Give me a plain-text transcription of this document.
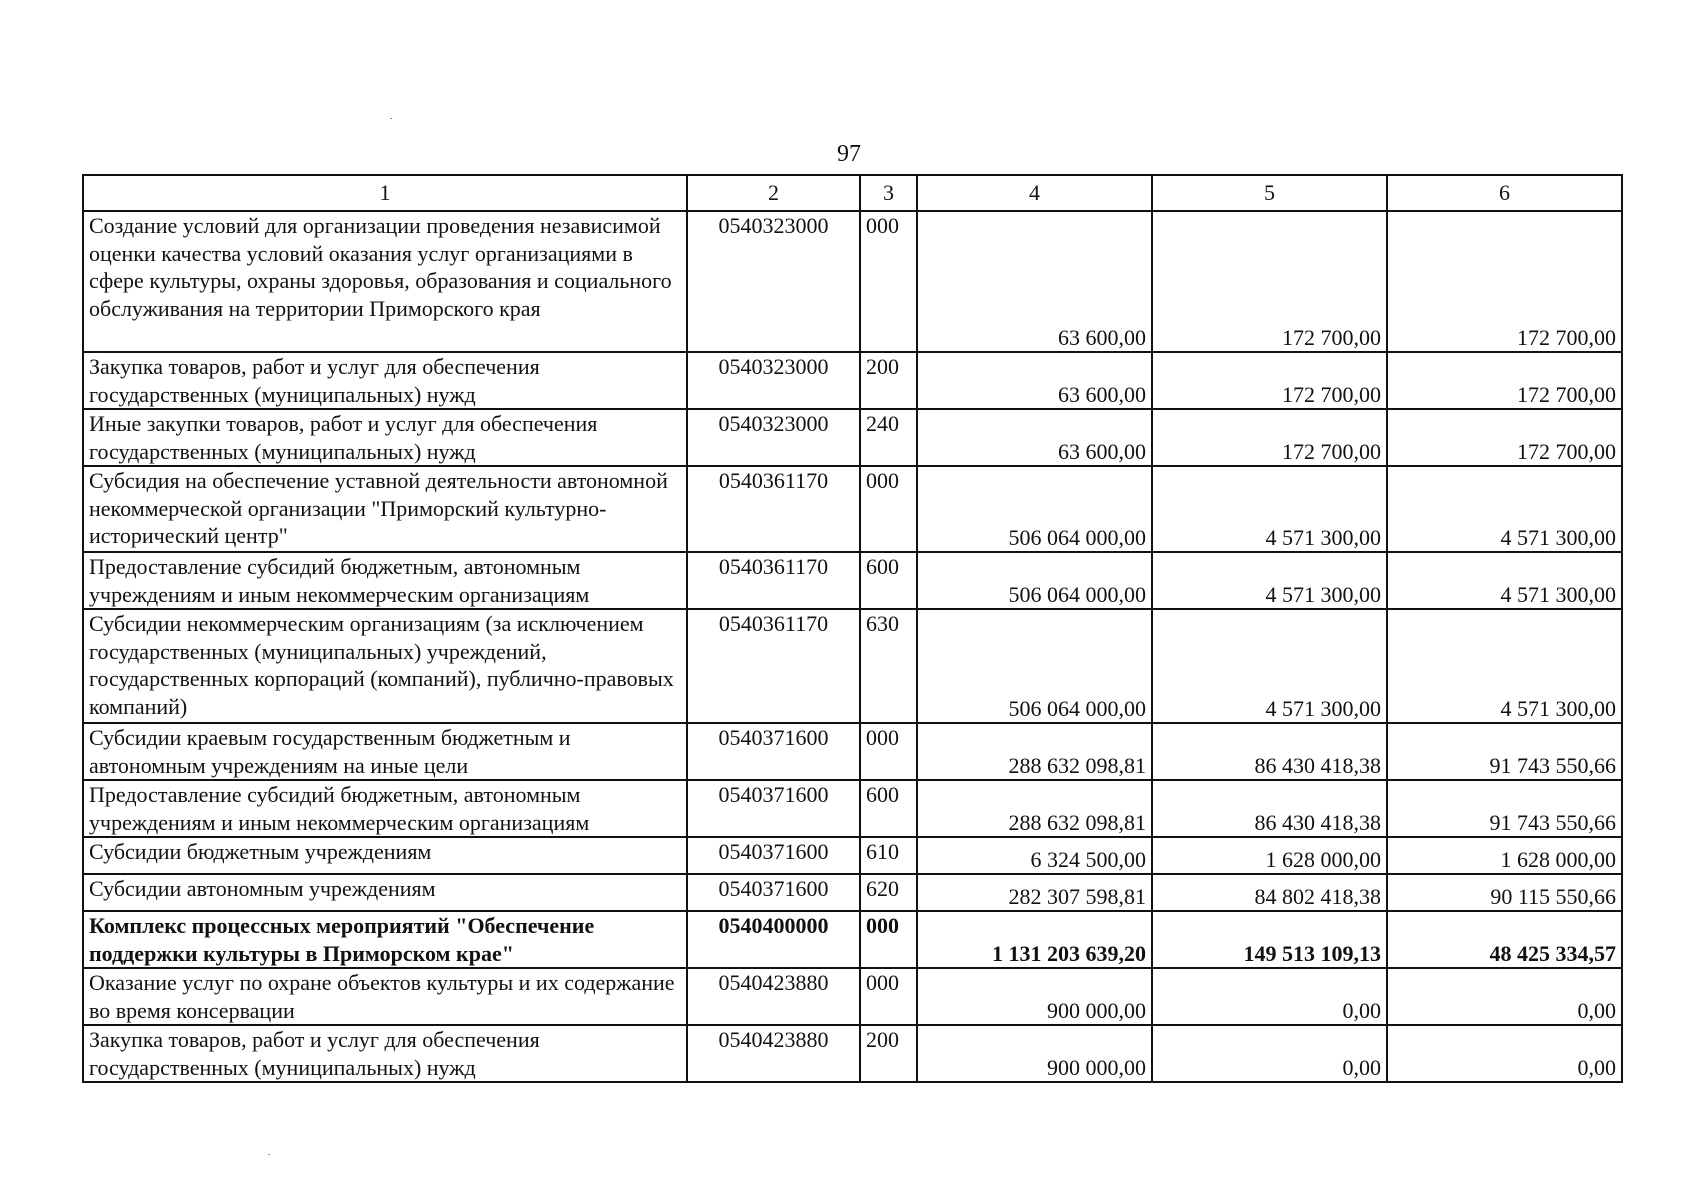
97
1	2	3	4	5	6
Создание условий для организации проведения независимой оценки качества условий оказания услуг организациями в сфере культуры, охраны здоровья, образования и социального обслуживания на территории Приморского края	0540323000	000	63 600,00	172 700,00	172 700,00
Закупка товаров, работ и услуг для обеспечения государственных (муниципальных) нужд	0540323000	200	63 600,00	172 700,00	172 700,00
Иные закупки товаров, работ и услуг для обеспечения государственных (муниципальных) нужд	0540323000	240	63 600,00	172 700,00	172 700,00
Субсидия на обеспечение уставной деятельности автономной некоммерческой организации "Приморский культурно-исторический центр"	0540361170	000	506 064 000,00	4 571 300,00	4 571 300,00
Предоставление субсидий бюджетным, автономным учреждениям и иным некоммерческим организациям	0540361170	600	506 064 000,00	4 571 300,00	4 571 300,00
Субсидии некоммерческим организациям (за исключением государственных (муниципальных) учреждений, государственных корпораций (компаний), публично-правовых компаний)	0540361170	630	506 064 000,00	4 571 300,00	4 571 300,00
Субсидии краевым государственным бюджетным и автономным учреждениям на иные цели	0540371600	000	288 632 098,81	86 430 418,38	91 743 550,66
Предоставление субсидий бюджетным, автономным учреждениям и иным некоммерческим организациям	0540371600	600	288 632 098,81	86 430 418,38	91 743 550,66
Субсидии бюджетным учреждениям	0540371600	610	6 324 500,00	1 628 000,00	1 628 000,00
Субсидии автономным учреждениям	0540371600	620	282 307 598,81	84 802 418,38	90 115 550,66
Комплекс процессных мероприятий "Обеспечение поддержки культуры в Приморском крае"	0540400000	000	1 131 203 639,20	149 513 109,13	48 425 334,57
Оказание услуг по охране объектов культуры и их содержание во время консервации	0540423880	000	900 000,00	0,00	0,00
Закупка товаров, работ и услуг для обеспечения государственных (муниципальных) нужд	0540423880	200	900 000,00	0,00	0,00
